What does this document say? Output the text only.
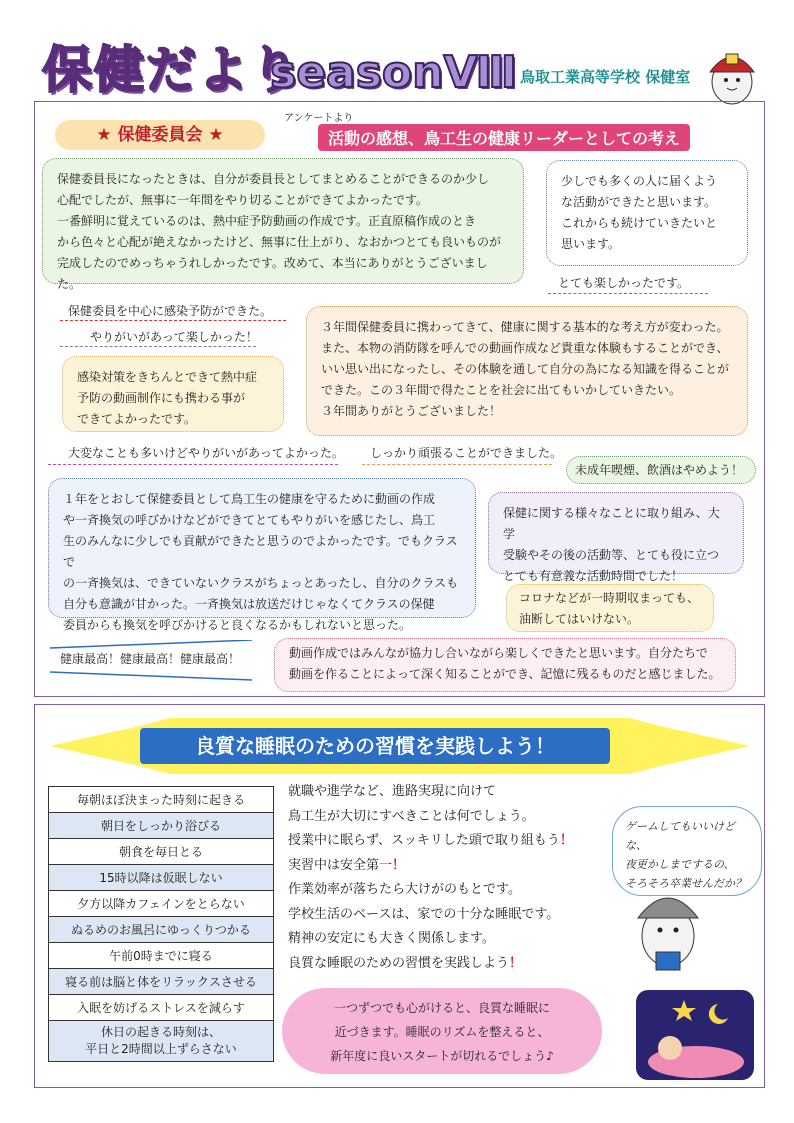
保健だより
seasonⅧ 鳥取工業高等学校 保健室
★ 保健委員会 ★
アンケートより
活動の感想、鳥工生の健康リーダーとしての考え
保健委員長になったときは、自分が委員長としてまとめることができるのか少し
心配でしたが、無事に一年間をやり切ることができてよかったです。
一番鮮明に覚えているのは、熱中症予防動画の作成です。正直原稿作成のとき
から色々と心配が絶えなかったけど、無事に仕上がり、なおかつとても良いものが
完成したのでめっちゃうれしかったです。改めて、本当にありがとうございました。
少しでも多くの人に届くよう
な活動ができたと思います。
これからも続けていきたいと
思います。
とても楽しかったです。
保健委員を中心に感染予防ができた。
やりがいがあって楽しかった！
感染対策をきちんとできて熱中症
予防の動画制作にも携わる事が
できてよかったです。
３年間保健委員に携わってきて、健康に関する基本的な考え方が変わった。
また、本物の消防隊を呼んでの動画作成など貴重な体験もすることができ、
いい思い出になったし、その体験を通して自分の為になる知識を得ることが
できた。この３年間で得たことを社会に出てもいかしていきたい。
３年間ありがとうございました！
大変なことも多いけどやりがいがあってよかった。 しっかり頑張ることができました。
未成年喫煙、飲酒はやめよう！
１年をとおして保健委員として鳥工生の健康を守るために動画の作成
や一斉換気の呼びかけなどができてとてもやりがいを感じたし、鳥工
生のみんなに少しでも貢献ができたと思うのでよかったです。でもクラスで
の一斉換気は、できていないクラスがちょっとあったし、自分のクラスも
自分も意識が甘かった。一斉換気は放送だけじゃなくてクラスの保健
委員からも換気を呼びかけると良くなるかもしれないと思った。
保健に関する様々なことに取り組み、大学
受験やその後の活動等、とても役に立つ
とても有意義な活動時間でした！
コロナなどが一時期収まっても、
油断してはいけない。
健康最高！健康最高！健康最高！	動画作成ではみんなが協力し合いながら楽しくできたと思います。自分たちで
動画を作ることによって深く知ることができ、記憶に残るものだと感じました。
良質な睡眠のための習慣を実践しよう！
毎朝ほぼ決まった時刻に起きる
朝日をしっかり浴びる
朝食を毎日とる
15時以降は仮眠しない
夕方以降カフェインをとらない
ぬるめのお風呂にゆっくりつかる
午前0時までに寝る
寝る前は脳と体をリラックスさせる
入眠を妨げるストレスを減らす
休日の起きる時刻は、
平日と2時間以上ずらさない
就職や進学など、進路実現に向けて
鳥工生が大切にすべきことは何でしょう。
授業中に眠らず、スッキリした頭で取り組もう！
実習中は安全第一！
作業効率が落ちたら大けがのもとです。
学校生活のベースは、家での十分な睡眠です。
精神の安定にも大きく関係します。
良質な睡眠のための習慣を実践しよう！
ゲームしてもいいけどな、
夜更かしまでするの、
そろそろ卒業せんだか？
一つずつでも心がけると、良質な睡眠に
近づきます。睡眠のリズムを整えると、
新年度に良いスタートが切れるでしょう♪
